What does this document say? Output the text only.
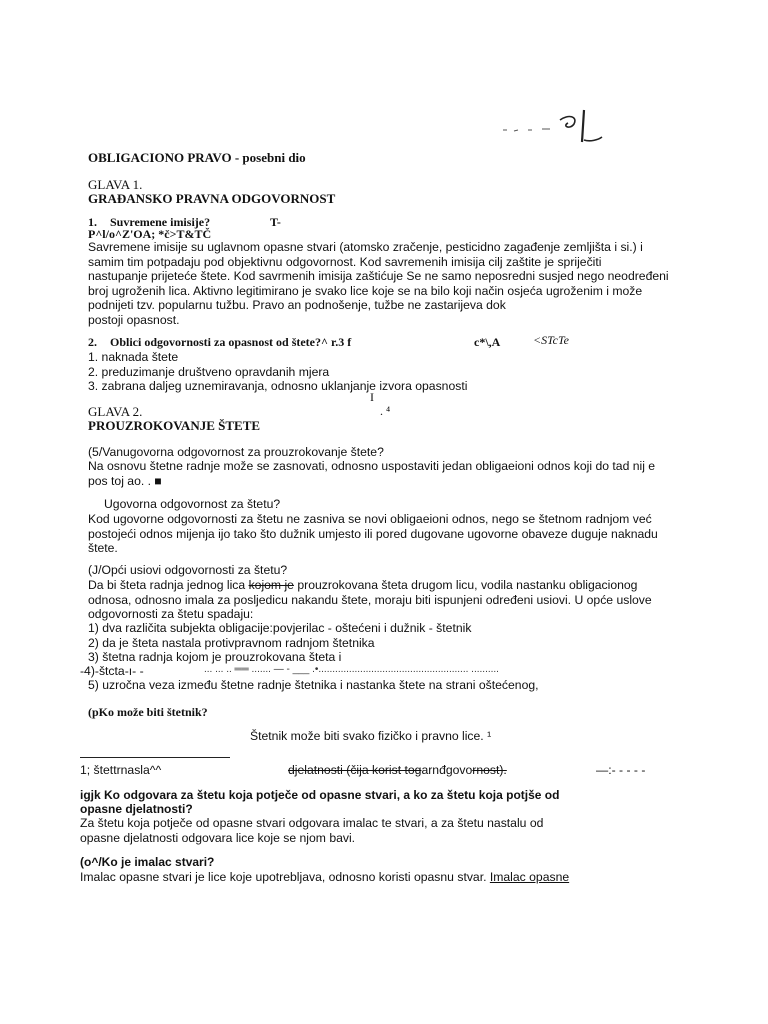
OBLIGACIONO PRAVO - posebni dio
GLAVA 1.
GRAĐANSKO PRAVNA ODGOVORNOST
1. Suvremene imisije?	T-
P^l/o^Z'OA; *č>T&TČ
Savremene imisije su uglavnom opasne stvari (atomsko zračenje, pesticidno zagađenje zemljišta i si.) i
samim tim potpadaju pod objektivnu odgovornost. Kod savremenih imisija cilj zaštite je spriječiti
nastupanje prijeteće štete. Kod savrmenih imisija zaštićuje Se ne samo neposredni susjed nego neodređeni
broj ugroženih lica. Aktivno legitimirano je svako lice koje se na bilo koji način osjeća ugroženim i može
podnijeti tzv. popularnu tužbu. Pravo an podnošenje, tužbe ne zastarijeva dok
postoji opasnost.
2. Oblici odgovornosti za opasnost od štete?^ r.3 f	c*\,A	<STcTe
1. naknada štete
2. preduzimanje društveno opravdanih mjera
3. zabrana daljeg uznemiravanja, odnosno uklanjanje izvora opasnosti
I
GLAVA 2.	. ⁴
PROUZROKOVANJE ŠTETE
(5/Vanugovorna odgovornost za prouzrokovanje štete?
Na osnovu štetne radnje može se zasnovati, odnosno uspostaviti jedan obligaeioni odnos koji do tad nij e
pos toj ao. . ■
Ugovorna odgovornost za štetu?
Kod ugovorne odgovornosti za štetu ne zasniva se novi obligaeioni odnos, nego se štetnom radnjom već
postojeći odnos mijenja ijo tako što dužnik umjesto ili pored dugovane ugovorne obaveze duguje naknadu
štete.
(J/Opći usiovi odgovornosti za štetu?
Da bi šteta radnja jednog lica kojom je prouzrokovana šteta drugom licu, vodila nastanku obligacionog
odnosa, odnosno imala za posljedicu nakandu štete, moraju biti ispunjeni određeni usiovi. U opće uslove
odgovornosti za štetu spadaju:
1) dva različita subjekta obligacije:povjerilac - oštećeni i dužnik - štetnik
2) da je šteta nastala protivpravnom radnjom štetnika
3) štetna radnja kojom je prouzrokovana šteta i
-4)-štcta-ı- -	... ... .. ══ ....... — - ___ .•...................................................... ..........
5) uzročna veza između štetne radnje štetnika i nastanka štete na strani oštećenog,
(pKo može biti štetnik?
Štetnik može biti svako fizičko i pravno lice. ¹
1; štettrnasla^^	djelatnosti (čija korist togarnđgovornost).	—:- - - - -
igjk Ko odgovara za štetu koja potječe od opasne stvari, a ko za štetu koja potjše od
opasne djelatnosti?
Za štetu koja potječe od opasne stvari odgovara imalac te stvari, a za štetu nastalu od
opasne djelatnosti odgovara lice koje se njom bavi.
(o^/Ko je imalac stvari?
Imalac opasne stvari je lice koje upotrebljava, odnosno koristi opasnu stvar. Imalac opasne
